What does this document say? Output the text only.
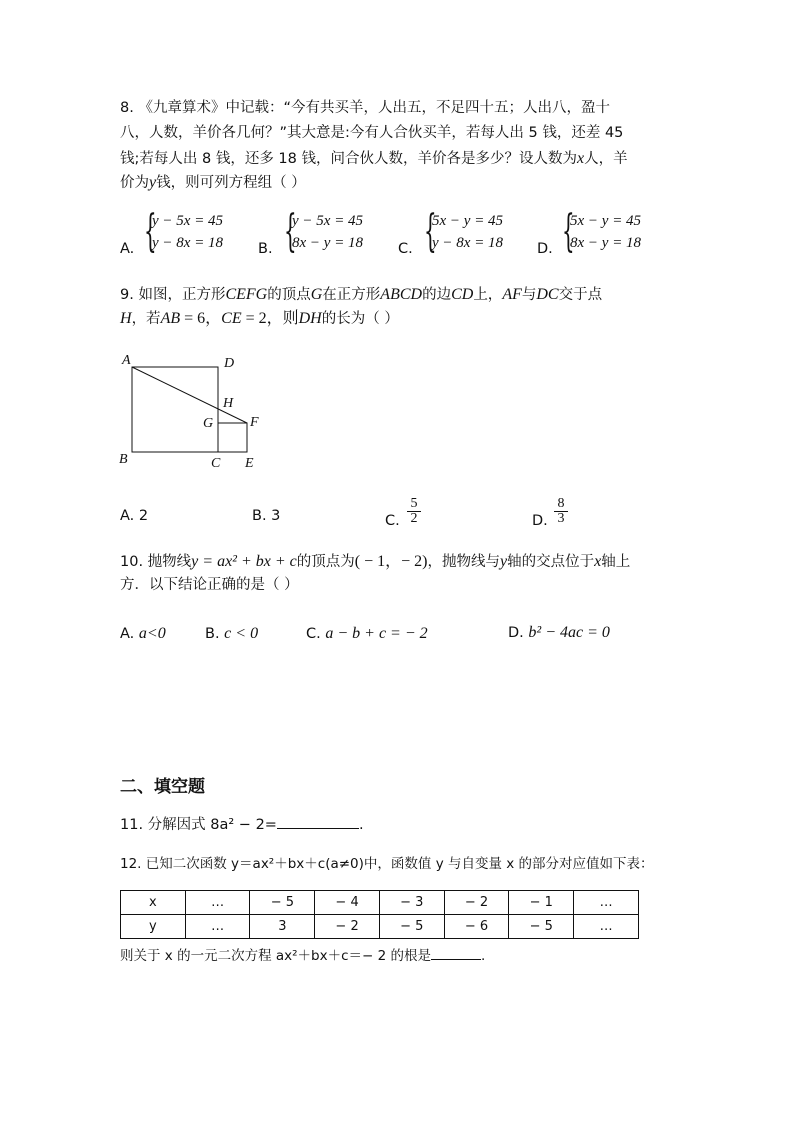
8. 《九章算术》中记载：“今有共买羊，人出五，不足四十五；人出八，盈十
八，人数，羊价各几何？”其大意是:今有人合伙买羊，若每人出 5 钱，还差 45
钱;若每人出 8 钱，还多 18 钱，问合伙人数，羊价各是多少？设人数为x人，羊
价为y钱，则可列方程组（ ）
A. {
y − 5x = 45
y − 8x = 18 B. {
y − 5x = 45
8x − y = 18 C. {
5x − y = 45
y − 8x = 18 D. {
5x − y = 45
8x − y = 18
9. 如图，正方形CEFG的顶点G在正方形ABCD的边CD上，AF与DC交于点
H，若AB = 6，CE = 2，则DH的长为（ ）
A	D
H
G	F
B	C E
A. 2	B. 3	C. $\frac{5}{2}$	D. $\frac{8}{3}$
10. 抛物线y = ax² + bx + c的顶点为( − 1，− 2)，抛物线与y轴的交点位于x轴上
方．以下结论正确的是（ ）
A. a<0	B. c < 0	C. a − b + c = − 2	D. b² − 4ac = 0
二、填空题
11. 分解因式 8a² − 2=	.
12. 已知二次函数 y＝ax²＋bx＋c(a≠0)中，函数值 y 与自变量 x 的部分对应值如下表：
x	…	− 5	− 4	− 3	− 2	− 1	…
y	…	3	− 2	− 5	− 6	− 5	…
则关于 x 的一元二次方程 ax²＋bx＋c＝− 2 的根是	.
